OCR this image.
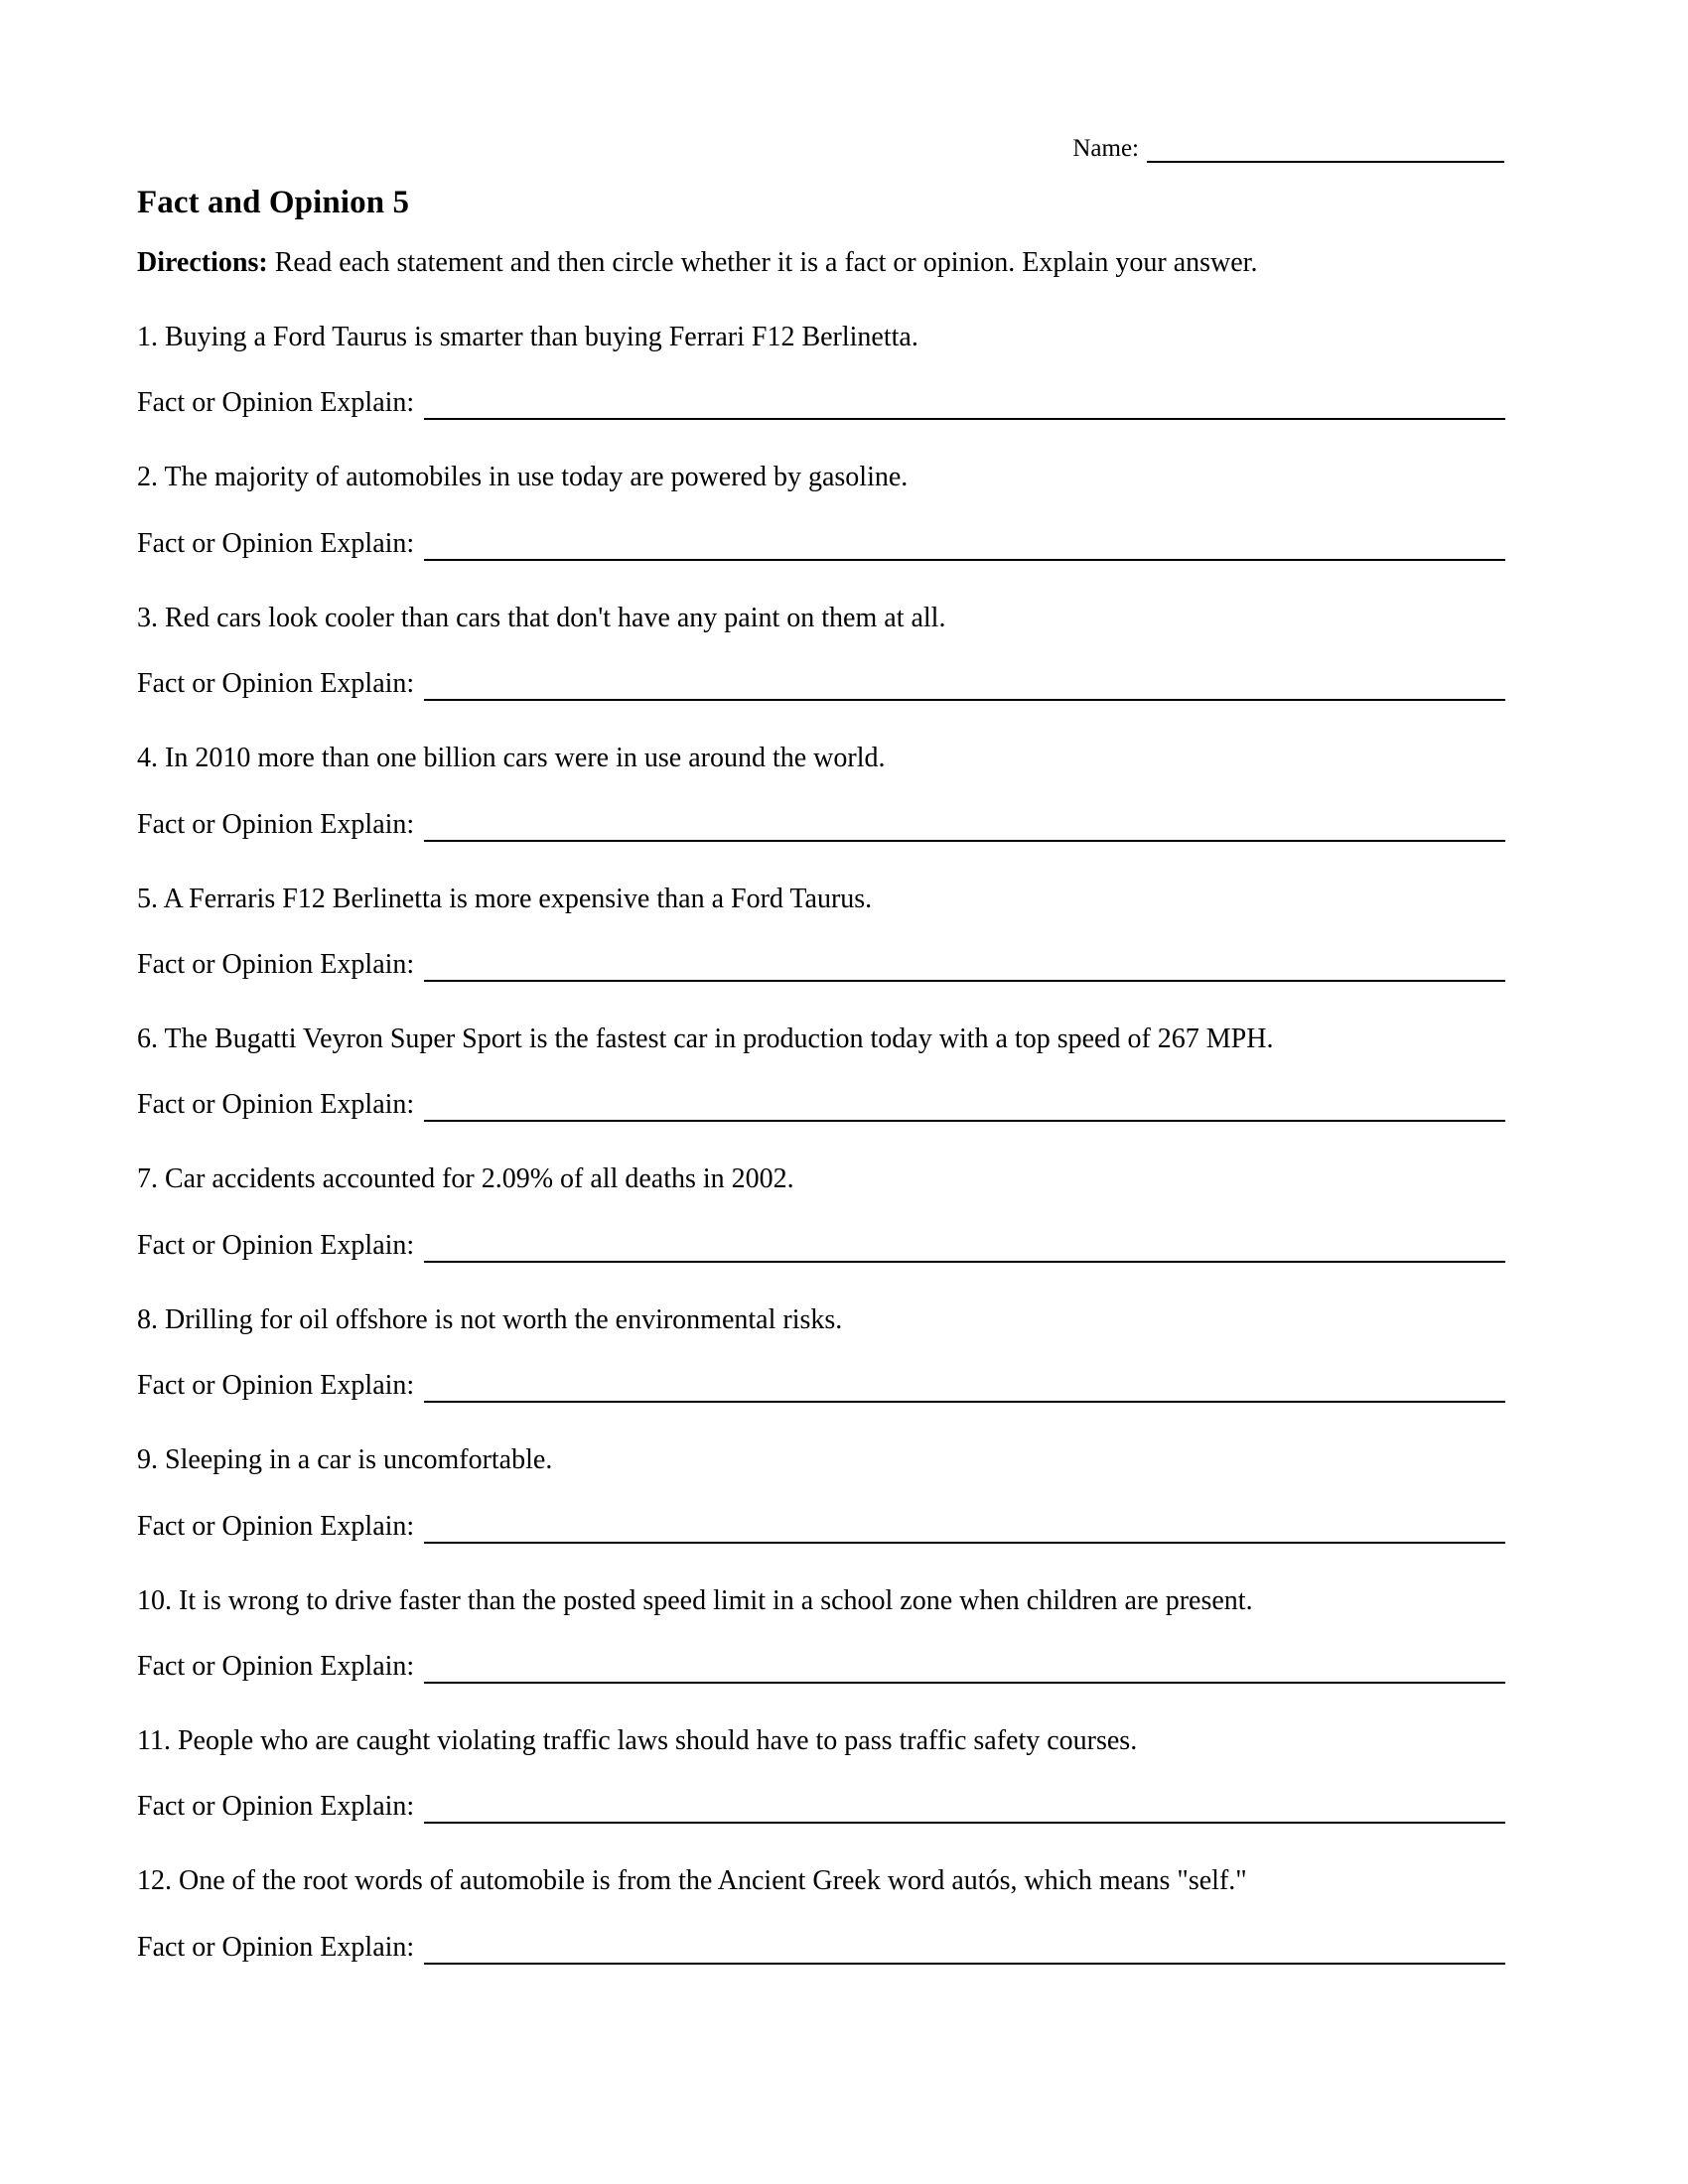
Name:
Fact and Opinion 5
Directions: Read each statement and then circle whether it is a fact or opinion. Explain your answer.
1. Buying a Ford Taurus is smarter than buying Ferrari F12 Berlinetta.
Fact or Opinion Explain:
2. The majority of automobiles in use today are powered by gasoline.
Fact or Opinion Explain:
3. Red cars look cooler than cars that don't have any paint on them at all.
Fact or Opinion Explain:
4. In 2010 more than one billion cars were in use around the world.
Fact or Opinion Explain:
5. A Ferraris F12 Berlinetta is more expensive than a Ford Taurus.
Fact or Opinion Explain:
6. The Bugatti Veyron Super Sport is the fastest car in production today with a top speed of 267 MPH.
Fact or Opinion Explain:
7. Car accidents accounted for 2.09% of all deaths in 2002.
Fact or Opinion Explain:
8. Drilling for oil offshore is not worth the environmental risks.
Fact or Opinion Explain:
9. Sleeping in a car is uncomfortable.
Fact or Opinion Explain:
10. It is wrong to drive faster than the posted speed limit in a school zone when children are present.
Fact or Opinion Explain:
11. People who are caught violating traffic laws should have to pass traffic safety courses.
Fact or Opinion Explain:
12. One of the root words of automobile is from the Ancient Greek word autós, which means "self."
Fact or Opinion Explain:
